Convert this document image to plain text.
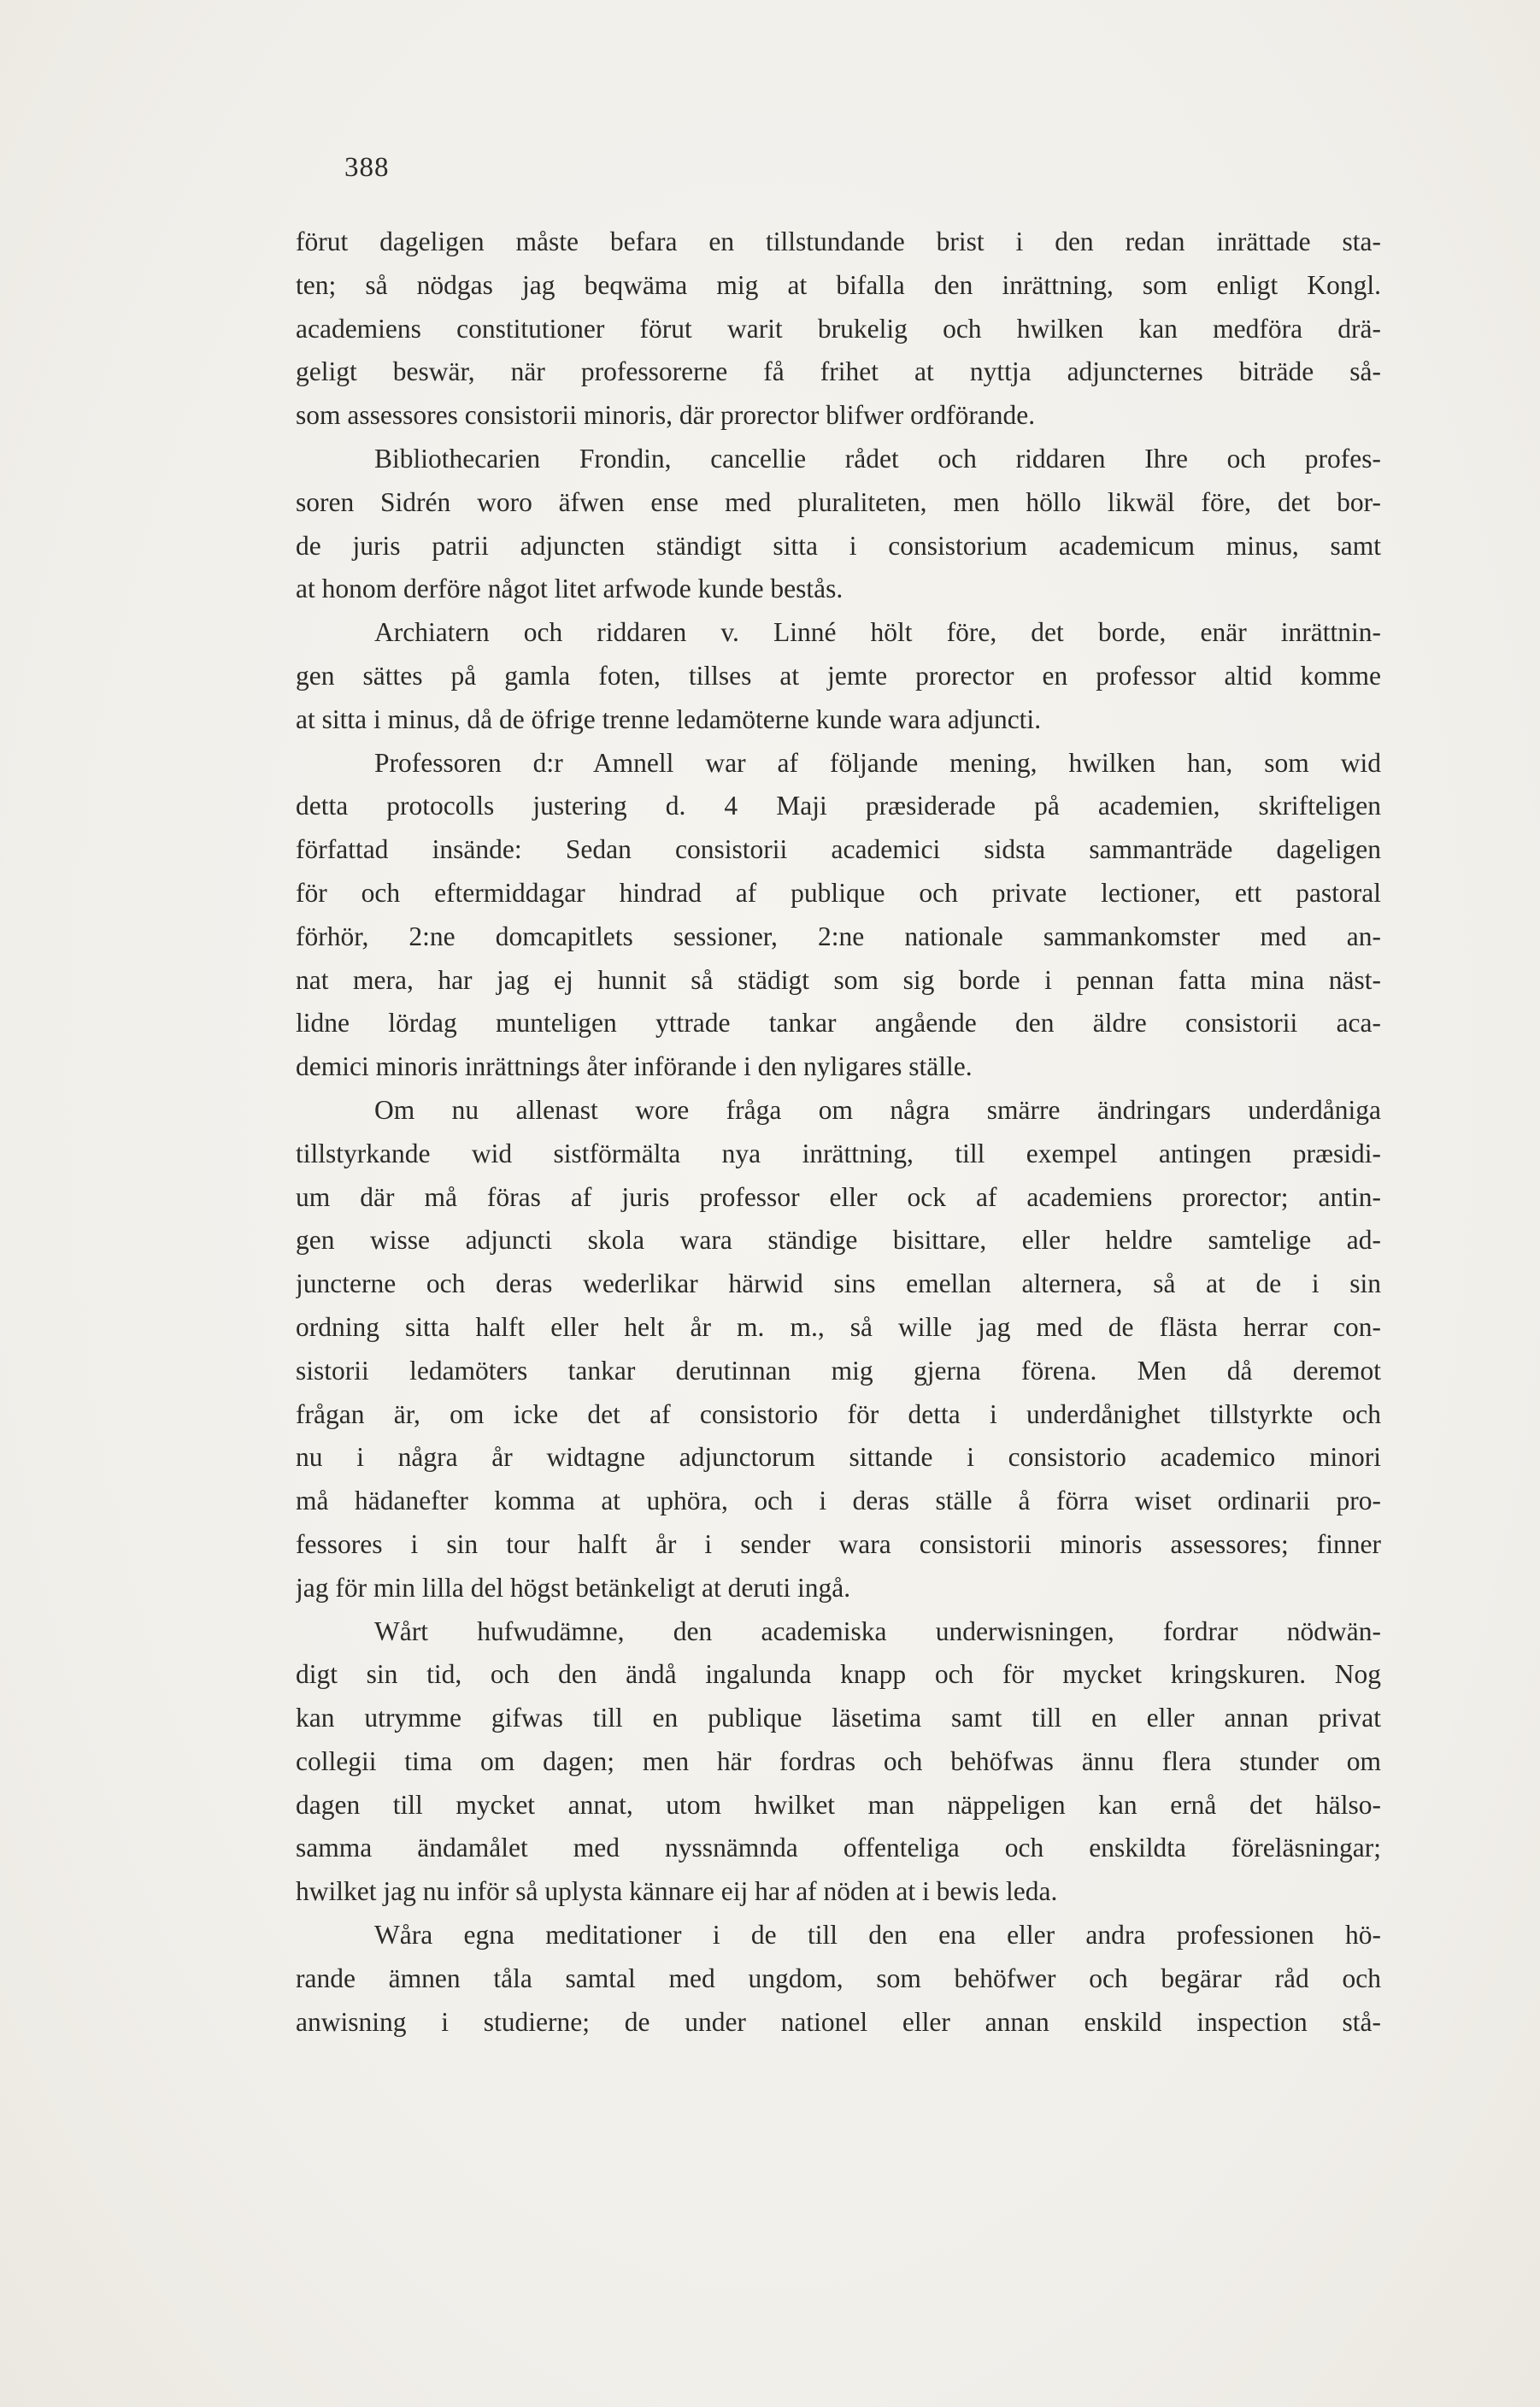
388
förut dageligen måste befara en tillstundande brist i den redan inrättade sta-
ten; så nödgas jag beqwäma mig at bifalla den inrättning, som enligt Kongl.
academiens constitutioner förut warit brukelig och hwilken kan medföra drä-
geligt beswär, när professorerne få frihet at nyttja adjuncternes biträde så-
som assessores consistorii minoris, där prorector blifwer ordförande.
Bibliothecarien Frondin, cancellie rådet och riddaren Ihre och profes-
soren Sidrén woro äfwen ense med pluraliteten, men höllo likwäl före, det bor-
de juris patrii adjuncten ständigt sitta i consistorium academicum minus, samt
at honom derföre något litet arfwode kunde bestås.
Archiatern och riddaren v. Linné hölt före, det borde, enär inrättnin-
gen sättes på gamla foten, tillses at jemte prorector en professor altid komme
at sitta i minus, då de öfrige trenne ledamöterne kunde wara adjuncti.
Professoren d:r Amnell war af följande mening, hwilken han, som wid
detta protocolls justering d. 4 Maji præsiderade på academien, skrifteligen
författad insände: Sedan consistorii academici sidsta sammanträde dageligen
för och eftermiddagar hindrad af publique och private lectioner, ett pastoral
förhör, 2:ne domcapitlets sessioner, 2:ne nationale sammankomster med an-
nat mera, har jag ej hunnit så städigt som sig borde i pennan fatta mina näst-
lidne lördag munteligen yttrade tankar angående den äldre consistorii aca-
demici minoris inrättnings åter införande i den nyligares ställe.
Om nu allenast wore fråga om några smärre ändringars underdåniga
tillstyrkande wid sistförmälta nya inrättning, till exempel antingen præsidi-
um där må föras af juris professor eller ock af academiens prorector; antin-
gen wisse adjuncti skola wara ständige bisittare, eller heldre samtelige ad-
juncterne och deras wederlikar härwid sins emellan alternera, så at de i sin
ordning sitta halft eller helt år m. m., så wille jag med de flästa herrar con-
sistorii ledamöters tankar derutinnan mig gjerna förena. Men då deremot
frågan är, om icke det af consistorio för detta i underdånighet tillstyrkte och
nu i några år widtagne adjunctorum sittande i consistorio academico minori
må hädanefter komma at uphöra, och i deras ställe å förra wiset ordinarii pro-
fessores i sin tour halft år i sender wara consistorii minoris assessores; finner
jag för min lilla del högst betänkeligt at deruti ingå.
Wårt hufwudämne, den academiska underwisningen, fordrar nödwän-
digt sin tid, och den ändå ingalunda knapp och för mycket kringskuren. Nog
kan utrymme gifwas till en publique läsetima samt till en eller annan privat
collegii tima om dagen; men här fordras och behöfwas ännu flera stunder om
dagen till mycket annat, utom hwilket man näppeligen kan ernå det hälso-
samma ändamålet med nyssnämnda offenteliga och enskildta föreläsningar;
hwilket jag nu inför så uplysta kännare eij har af nöden at i bewis leda.
Wåra egna meditationer i de till den ena eller andra professionen hö-
rande ämnen tåla samtal med ungdom, som behöfwer och begärar råd och
anwisning i studierne; de under nationel eller annan enskild inspection stå-
